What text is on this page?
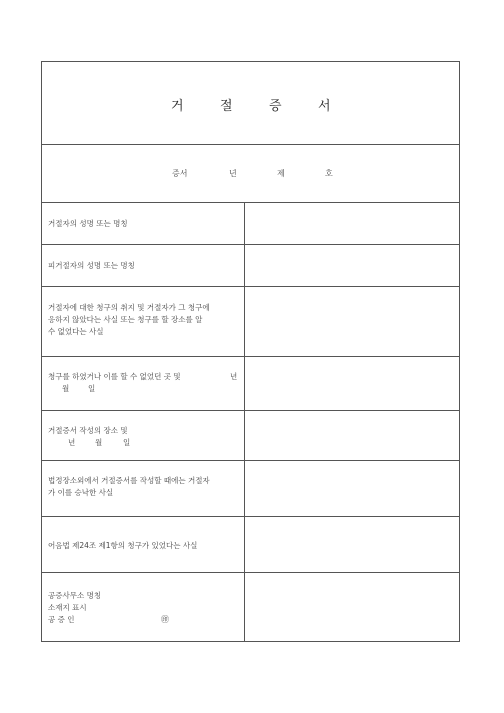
거	절	증	서
증서	년	제	호
거절자의 성명 또는 명칭
피거절자의 성명 또는 명칭
거절자에 대한 청구의 취지 및 거절자가 그 청구에
응하지 않았다는 사실 또는 청구를 할 장소를 알
수 없었다는 사실
청구를 하였거나 이를 할 수 없었던 곳 및	년
월	일
거절증서 작성의 장소 및
년	월	일
법정장소외에서 거절증서를 작성할 때에는 거절자
가 이를 승낙한 사실
어음법 제24조 제1항의 청구가 있었다는 사실
공증사무소 명칭
소재지 표시
공 증 인	㊞
